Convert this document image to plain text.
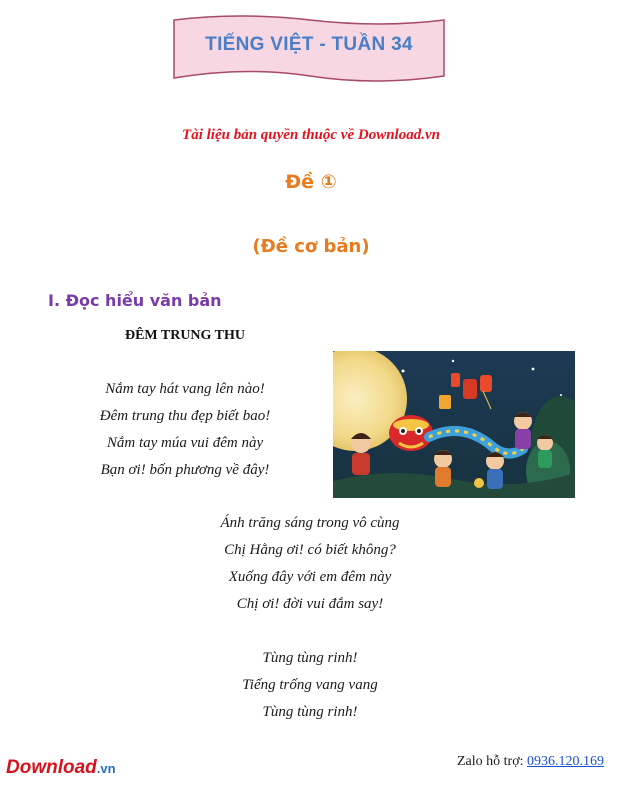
TIẾNG VIỆT - TUẦN 34
Tài liệu bản quyền thuộc về Download.vn
Đề ①
(Đề cơ bản)
I. Đọc hiểu văn bản
ĐÊM TRUNG THU
Nắm tay hát vang lên nào!
Đêm trung thu đẹp biết bao!
Nắm tay múa vui đêm này
Bạn ơi! bốn phương về đây!
Ánh trăng sáng trong vô cùng
Chị Hằng ơi! có biết không?
Xuống đây với em đêm này
Chị ơi! đời vui đắm say!
Tùng tùng rinh!
Tiếng trống vang vang
Tùng tùng rinh!
Download.vn	Zalo hỗ trợ: 0936.120.169
